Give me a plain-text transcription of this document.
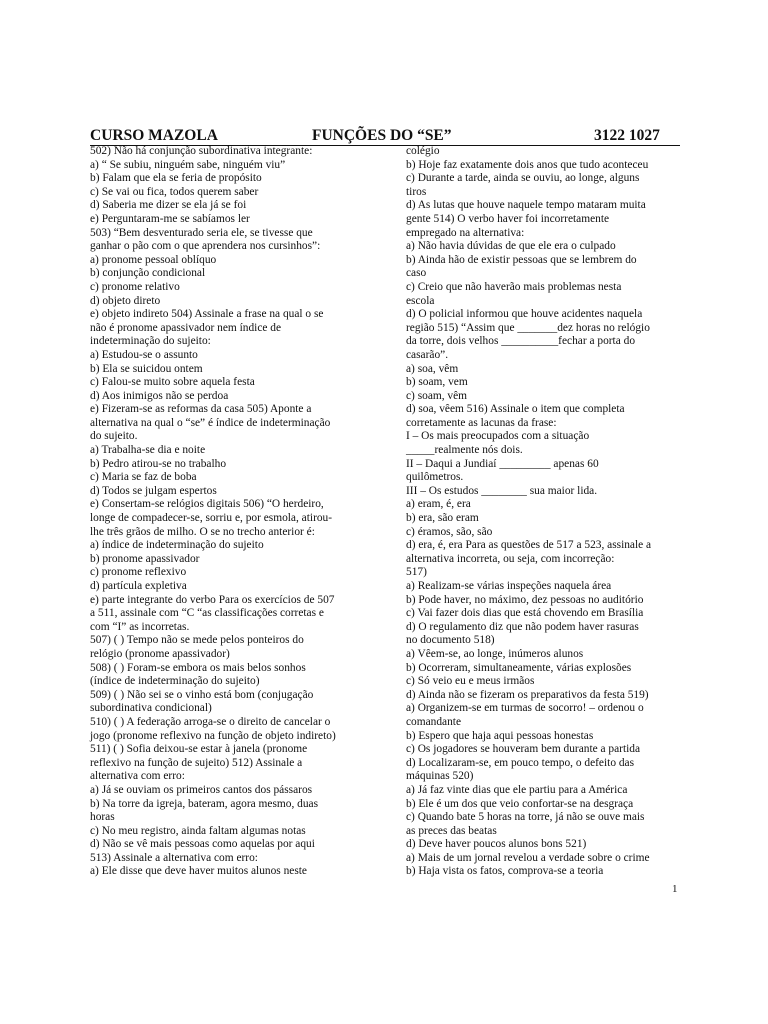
CURSO MAZOLA	FUNÇÕES DO “SE”	3122 1027
502) Não há conjunção subordinativa integrante:
a) “ Se subiu, ninguém sabe, ninguém viu”
b) Falam que ela se feria de propósito
c) Se vai ou fica, todos querem saber
d) Saberia me dizer se ela já se foi
e) Perguntaram-me se sabíamos ler
503) “Bem desventurado seria ele, se tivesse que
ganhar o pão com o que aprendera nos cursinhos”:
a) pronome pessoal oblíquo
b) conjunção condicional
c) pronome relativo
d) objeto direto
e) objeto indireto 504) Assinale a frase na qual o se
não é pronome apassivador nem índice de
indeterminação do sujeito:
a) Estudou-se o assunto
b) Ela se suicidou ontem
c) Falou-se muito sobre aquela festa
d) Aos inimigos não se perdoa
e) Fizeram-se as reformas da casa 505) Aponte a
alternativa na qual o “se” é índice de indeterminação
do sujeito.
a) Trabalha-se dia e noite
b) Pedro atirou-se no trabalho
c) Maria se faz de boba
d) Todos se julgam espertos
e) Consertam-se relógios digitais 506) “O herdeiro,
longe de compadecer-se, sorriu e, por esmola, atirou-
lhe três grãos de milho. O se no trecho anterior é:
a) índice de indeterminação do sujeito
b) pronome apassivador
c) pronome reflexivo
d) partícula expletiva
e) parte integrante do verbo Para os exercícios de 507
a 511, assinale com “C “as classificações corretas e
com “I” as incorretas.
507) ( ) Tempo não se mede pelos ponteiros do
relógio (pronome apassivador)
508) ( ) Foram-se embora os mais belos sonhos
(índice de indeterminação do sujeito)
509) ( ) Não sei se o vinho está bom (conjugação
subordinativa condicional)
510) ( ) A federação arroga-se o direito de cancelar o
jogo (pronome reflexivo na função de objeto indireto)
511) ( ) Sofia deixou-se estar à janela (pronome
reflexivo na função de sujeito) 512) Assinale a
alternativa com erro:
a) Já se ouviam os primeiros cantos dos pássaros
b) Na torre da igreja, bateram, agora mesmo, duas
horas
c) No meu registro, ainda faltam algumas notas
d) Não se vê mais pessoas como aquelas por aqui
513) Assinale a alternativa com erro:
a) Ele disse que deve haver muitos alunos neste
colégio
b) Hoje faz exatamente dois anos que tudo aconteceu
c) Durante a tarde, ainda se ouviu, ao longe, alguns
tiros
d) As lutas que houve naquele tempo mataram muita
gente 514) O verbo haver foi incorretamente
empregado na alternativa:
a) Não havia dúvidas de que ele era o culpado
b) Ainda hão de existir pessoas que se lembrem do
caso
c) Creio que não haverão mais problemas nesta
escola
d) O policial informou que houve acidentes naquela
região 515) “Assim que _______dez horas no relógio
da torre, dois velhos __________fechar a porta do
casarão”.
a) soa, vêm
b) soam, vem
c) soam, vêm
d) soa, vêem 516) Assinale o item que completa
corretamente as lacunas da frase:
I – Os mais preocupados com a situação
_____realmente nós dois.
II – Daqui a Jundiaí _________ apenas 60
quilômetros.
III – Os estudos ________ sua maior lida.
a) eram, é, era
b) era, são eram
c) éramos, são, são
d) era, é, era Para as questões de 517 a 523, assinale a
alternativa incorreta, ou seja, com incorreção:
517)
a) Realizam-se várias inspeções naquela área
b) Pode haver, no máximo, dez pessoas no auditório
c) Vai fazer dois dias que está chovendo em Brasília
d) O regulamento diz que não podem haver rasuras
no documento 518)
a) Vêem-se, ao longe, inúmeros alunos
b) Ocorreram, simultaneamente, várias explosões
c) Só veio eu e meus irmãos
d) Ainda não se fizeram os preparativos da festa 519)
a) Organizem-se em turmas de socorro! – ordenou o
comandante
b) Espero que haja aqui pessoas honestas
c) Os jogadores se houveram bem durante a partida
d) Localizaram-se, em pouco tempo, o defeito das
máquinas 520)
a) Já faz vinte dias que ele partiu para a América
b) Ele é um dos que veio confortar-se na desgraça
c) Quando bate 5 horas na torre, já não se ouve mais
as preces das beatas
d) Deve haver poucos alunos bons 521)
a) Mais de um jornal revelou a verdade sobre o crime
b) Haja vista os fatos, comprova-se a teoria
1
